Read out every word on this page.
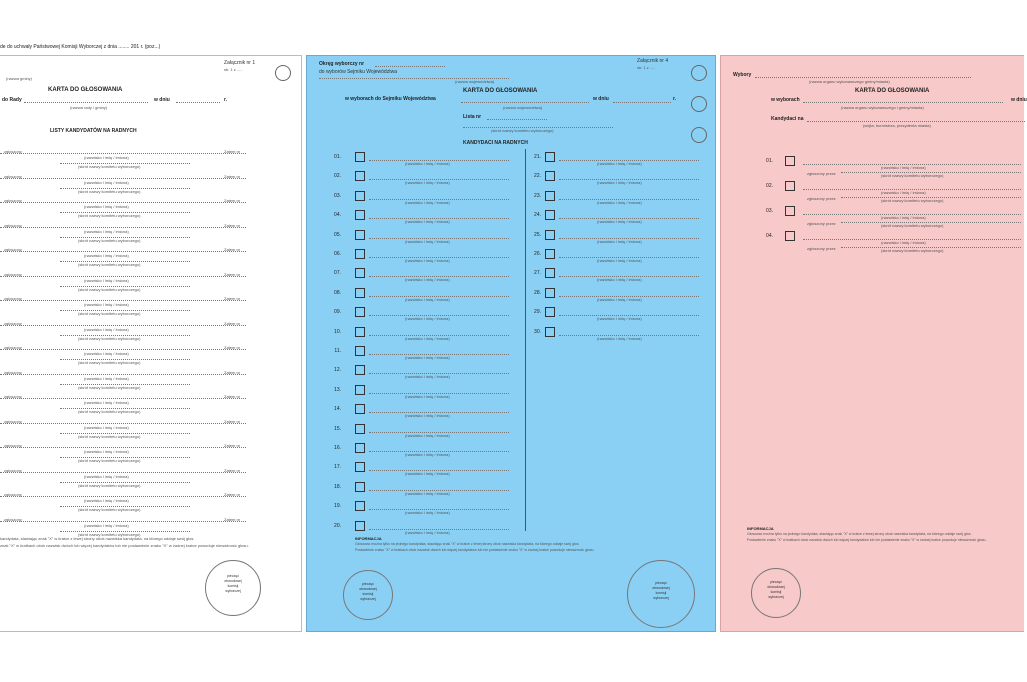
de do uchwały Państwowej Komisji Wyborczej z dnia ........ 201 r. (poz...)
Załącznik nr 1
str. 1 z .....
(nazwa gminy)
KARTA DO GŁOSOWANIA
do Rady	w dniu	r.
(nazwa rady / gminy)
LISTY KANDYDATÓW NA RADNYCH
zgłoszony
(nazwisko i imię / imiona)
Zatem nr
(skrót nazwy komitetu wyborczego)
zgłoszony
(nazwisko i imię / imiona)
Zatem nr
(skrót nazwy komitetu wyborczego)
zgłoszony
(nazwisko i imię / imiona)
Zatem nr
(skrót nazwy komitetu wyborczego)
zgłoszony
(nazwisko i imię / imiona)
Zatem nr
(skrót nazwy komitetu wyborczego)
zgłoszony
(nazwisko i imię / imiona)
Zatem nr
(skrót nazwy komitetu wyborczego)
zgłoszony
(nazwisko i imię / imiona)
Zatem nr
(skrót nazwy komitetu wyborczego)
zgłoszony
(nazwisko i imię / imiona)
Zatem nr
(skrót nazwy komitetu wyborczego)
zgłoszony
(nazwisko i imię / imiona)
Zatem nr
(skrót nazwy komitetu wyborczego)
zgłoszony
(nazwisko i imię / imiona)
Zatem nr
(skrót nazwy komitetu wyborczego)
zgłoszony
(nazwisko i imię / imiona)
Zatem nr
(skrót nazwy komitetu wyborczego)
zgłoszony
(nazwisko i imię / imiona)
Zatem nr
(skrót nazwy komitetu wyborczego)
zgłoszony
(nazwisko i imię / imiona)
Zatem nr
(skrót nazwy komitetu wyborczego)
zgłoszony
(nazwisko i imię / imiona)
Zatem nr
(skrót nazwy komitetu wyborczego)
zgłoszony
(nazwisko i imię / imiona)
Zatem nr
(skrót nazwy komitetu wyborczego)
zgłoszony
(nazwisko i imię / imiona)
Zatem nr
(skrót nazwy komitetu wyborczego)
zgłoszony
(nazwisko i imię / imiona)
Zatem nr
(skrót nazwy komitetu wyborczego)
kandydata, stawiając znak "X" w kratce z lewej strony obok nazwiska kandydata, na którego oddaje swój głos.
znak "X" w kratkach obok nazwisk dwóch lub więcej kandydatów lub nie postawienie znaku "X" w żadnej kratce powoduje nieważność głosu.
pieczęć
obwodowej
komisji
wyborczej
Okręg wyborczy nr
do wyborów Sejmiku Województwa
(nazwa województwa)
Załącznik nr 4
str. 1 z .....
KARTA DO GŁOSOWANIA
w wyborach do Sejmiku Województwa	w dniu	r.
(nazwa województwa)
Lista nr
(skrót nazwy komitetu wyborczego)
KANDYDACI NA RADNYCH
01.
(nazwisko i imię / imiona)
02.
(nazwisko i imię / imiona)
03.
(nazwisko i imię / imiona)
04.
(nazwisko i imię / imiona)
05.
(nazwisko i imię / imiona)
06.
(nazwisko i imię / imiona)
07.
(nazwisko i imię / imiona)
08.
(nazwisko i imię / imiona)
09.
(nazwisko i imię / imiona)
10.
(nazwisko i imię / imiona)
11.
(nazwisko i imię / imiona)
12.
(nazwisko i imię / imiona)
13.
(nazwisko i imię / imiona)
14.
(nazwisko i imię / imiona)
15.
(nazwisko i imię / imiona)
16.
(nazwisko i imię / imiona)
17.
(nazwisko i imię / imiona)
18.
(nazwisko i imię / imiona)
19.
(nazwisko i imię / imiona)
20.
(nazwisko i imię / imiona)
21.
(nazwisko i imię / imiona)
22.
(nazwisko i imię / imiona)
23.
(nazwisko i imię / imiona)
24.
(nazwisko i imię / imiona)
25.
(nazwisko i imię / imiona)
26.
(nazwisko i imię / imiona)
27.
(nazwisko i imię / imiona)
28.
(nazwisko i imię / imiona)
29.
(nazwisko i imię / imiona)
30.
(nazwisko i imię / imiona)
INFORMACJA
Głosować można tylko na jednego kandydata, stawiając znak "X" w kratce z lewej strony obok nazwiska kandydata, na którego oddaje swój głos.
Postawienie znaku "X" w kratkach obok nazwisk dwóch lub więcej kandydatów lub nie postawienie znaku "X" w żadnej kratce powoduje nieważność głosu.
pieczęć
obwodowej
komisji
wyborczej
pieczęć
obwodowej
komisji
wyborczej
Wybory
(nazwa organu wykonawczego gminy/miasta)
KARTA DO GŁOSOWANIA
w wyborach	w dniu
(nazwa organu wykonawczego i gminy/miasta)
Kandydaci na
(wójta, burmistrza, prezydenta miasta)
01.
(nazwisko i imię / imiona)
zgłoszony przez	(skrót nazwy komitetu wyborczego)
02.
(nazwisko i imię / imiona)
zgłoszony przez	(skrót nazwy komitetu wyborczego)
03.
(nazwisko i imię / imiona)
zgłoszony przez	(skrót nazwy komitetu wyborczego)
04.
(nazwisko i imię / imiona)
zgłoszony przez	(skrót nazwy komitetu wyborczego)
INFORMACJA
Głosować można tylko na jednego kandydata, stawiając znak "X" w kratce z lewej strony obok nazwiska kandydata, na którego oddaje swój głos.
Postawienie znaku "X" w kratkach obok nazwisk dwóch lub więcej kandydatów lub nie postawienie znaku "X" w żadnej kratce powoduje nieważność głosu.
pieczęć
obwodowej
komisji
wyborczej
